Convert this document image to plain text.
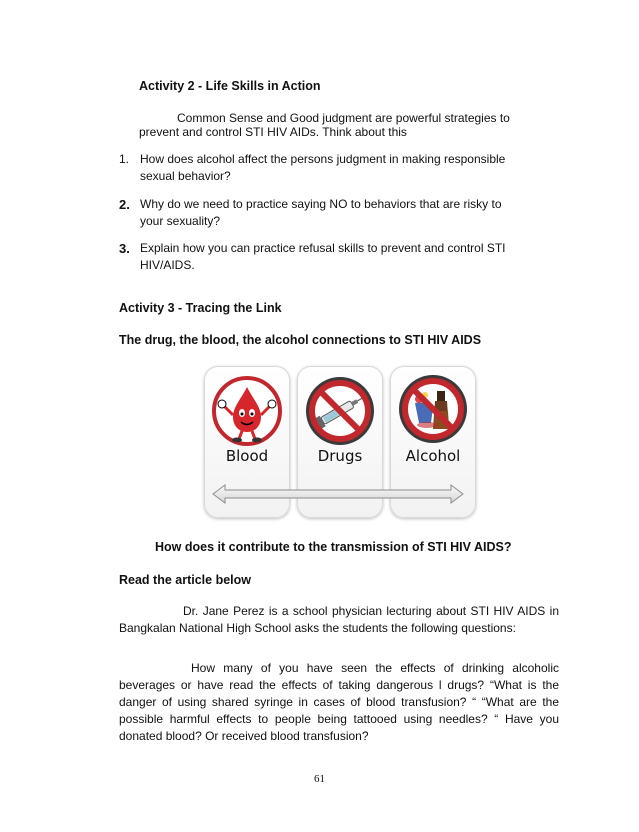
Activity 2 - Life Skills in Action
Common Sense and Good judgment are powerful strategies to
prevent and control STI HIV AIDs. Think about this
1. How does alcohol affect the persons judgment in making responsible
sexual behavior?
2. Why do we need to practice saying NO to behaviors that are risky to
your sexuality?
3. Explain how you can practice refusal skills to prevent and control STI
HIV/AIDS.
Activity 3 - Tracing the Link
The drug, the blood, the alcohol connections to STI HIV AIDS
Blood	Drugs	Alcohol
How does it contribute to the transmission of STI HIV AIDS?
Read the article below
Dr. Jane Perez is a school physician lecturing about STI HIV AIDS in Bangkalan National High School asks the students the following questions:
How many of you have seen the effects of drinking alcoholic beverages or have read the effects of taking dangerous l drugs? “What is the danger of using shared syringe in cases of blood transfusion? “ “What are the possible harmful effects to people being tattooed using needles? “ Have you donated blood? Or received blood transfusion?
61
